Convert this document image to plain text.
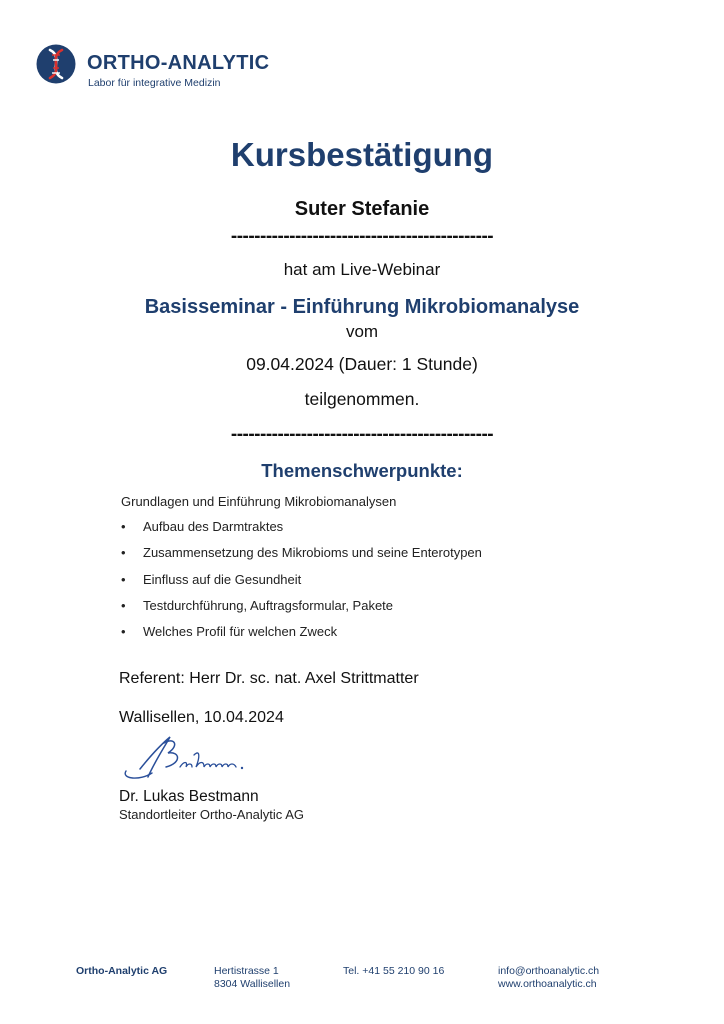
ORTHO-ANALYTIC
Labor für integrative Medizin
Kursbestätigung
Suter Stefanie
---------------------------------------------
hat am Live-Webinar
Basisseminar - Einführung Mikrobiomanalyse
vom
09.04.2024 (Dauer: 1 Stunde)
teilgenommen.
---------------------------------------------
Themenschwerpunkte:
Grundlagen und Einführung Mikrobiomanalysen
• Aufbau des Darmtraktes
• Zusammensetzung des Mikrobioms und seine Enterotypen
• Einfluss auf die Gesundheit
• Testdurchführung, Auftragsformular, Pakete
• Welches Profil für welchen Zweck
Referent: Herr Dr. sc. nat. Axel Strittmatter
Wallisellen, 10.04.2024
Dr. Lukas Bestmann
Standortleiter Ortho-Analytic AG
Ortho-Analytic AG	Hertistrasse 1
8304 Wallisellen
Tel. +41 55 210 90 16	info@orthoanalytic.ch
www.orthoanalytic.ch
